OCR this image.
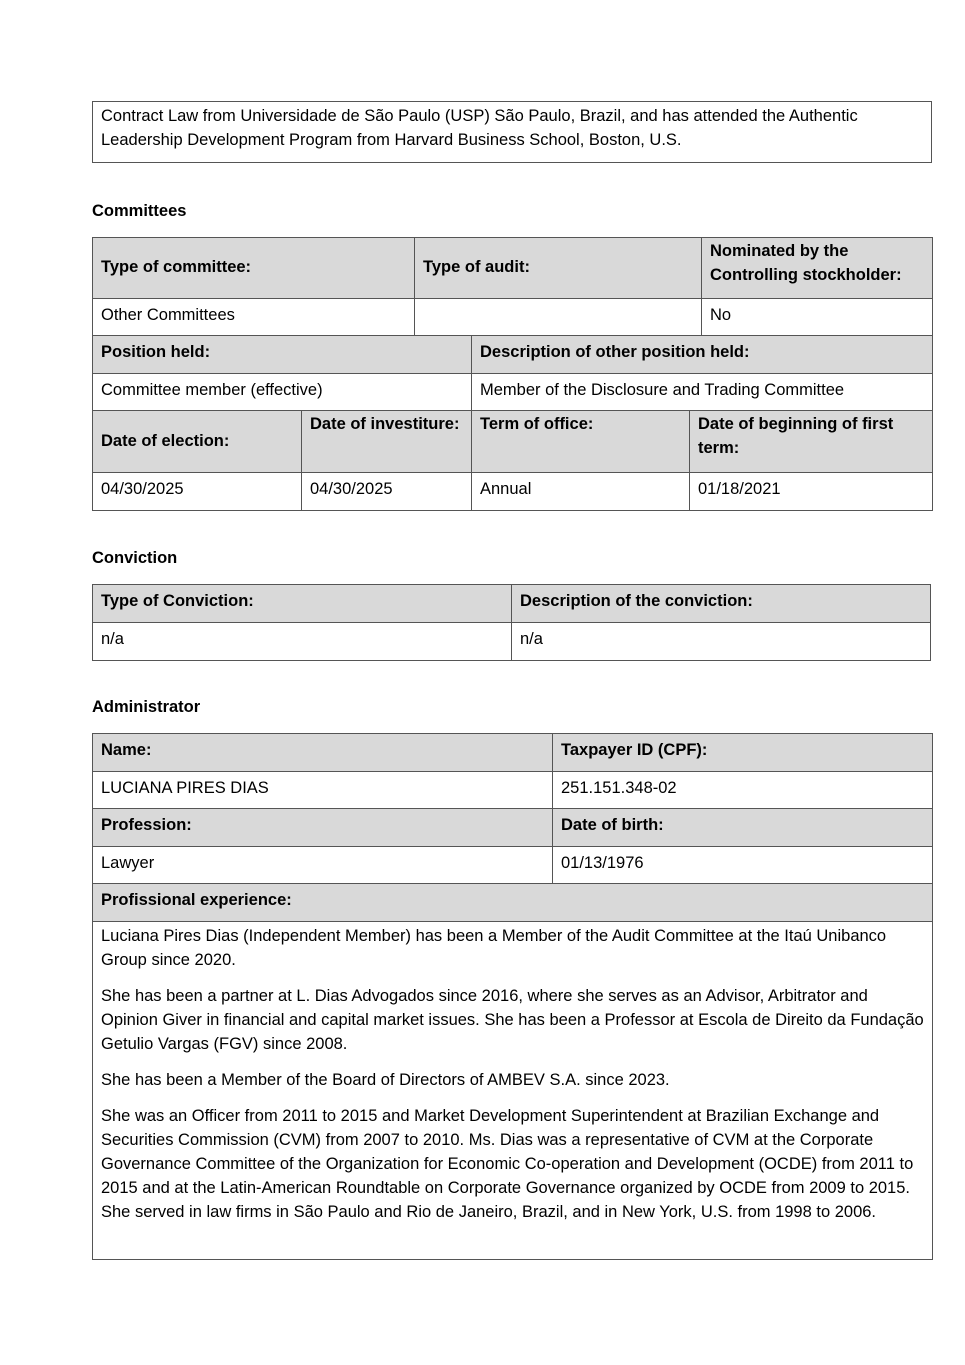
Contract Law from Universidade de São Paulo (USP) São Paulo, Brazil, and has attended the Authentic Leadership Development Program from Harvard Business School, Boston, U.S.
Committees
Type of committee:	Type of audit:	Nominated by the Controlling stockholder:
Other Committees		No
Position held:	Description of other position held:
Committee member (effective)	Member of the Disclosure and Trading Committee
Date of election:	Date of investiture:	Term of office:	Date of beginning of first term:
04/30/2025	04/30/2025	Annual	01/18/2021
Conviction
Type of Conviction:	Description of the conviction:
n/a	n/a
Administrator
Name:	Taxpayer ID (CPF):
LUCIANA PIRES DIAS	251.151.348-02
Profession:	Date of birth:
Lawyer	01/13/1976
Profissional experience:	

Luciana Pires Dias (Independent Member) has been a Member of the Audit Committee at the Itaú Unibanco Group since 2020.

She has been a partner at L. Dias Advogados since 2016, where she serves as an Advisor, Arbitrator and Opinion Giver in financial and capital market issues. She has been a Professor at Escola de Direito da Fundação Getulio Vargas (FGV) since 2008.

She has been a Member of the Board of Directors of AMBEV S.A. since 2023.

She was an Officer from 2011 to 2015 and Market Development Superintendent at Brazilian Exchange and Securities Commission (CVM) from 2007 to 2010. Ms. Dias was a representative of CVM at the Corporate Governance Committee of the Organization for Economic Co-operation and Development (OCDE) from 2011 to 2015 and at the Latin-American Roundtable on Corporate Governance organized by OCDE from 2009 to 2015. She served in law firms in São Paulo and Rio de Janeiro, Brazil, and in New York, U.S. from 1998 to 2006.	
